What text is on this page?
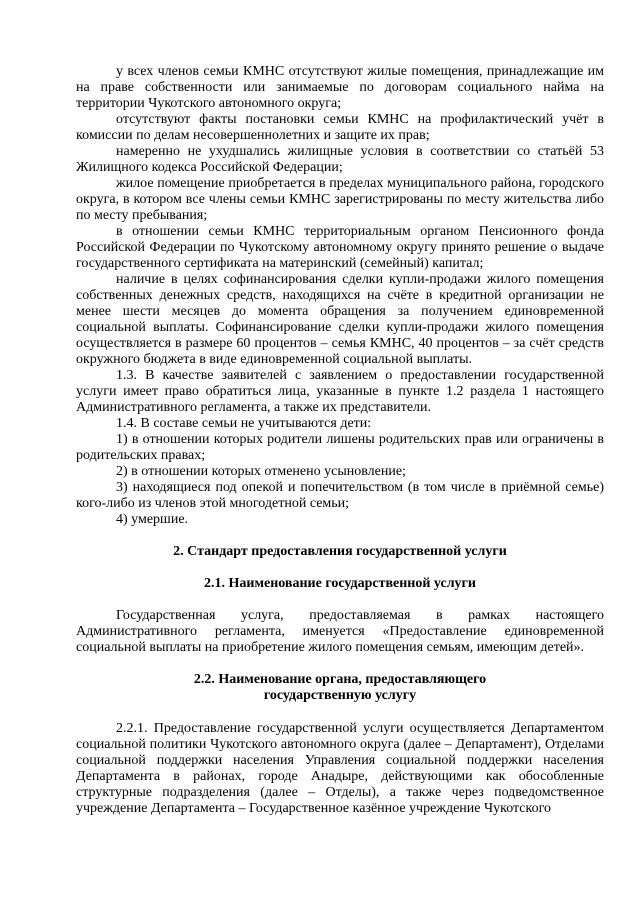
у всех членов семьи КМНС отсутствуют жилые помещения, принадлежащие им на праве собственности или занимаемые по договорам социального найма на территории Чукотского автономного округа;

отсутствуют факты постановки семьи КМНС на профилактический учёт в комиссии по делам несовершеннолетних и защите их прав;

намеренно не ухудшались жилищные условия в соответствии со статьёй 53 Жилищного кодекса Российской Федерации;

жилое помещение приобретается в пределах муниципального района, городского округа, в котором все члены семьи КМНС зарегистрированы по месту жительства либо по месту пребывания;

в отношении семьи КМНС территориальным органом Пенсионного фонда Российской Федерации по Чукотскому автономному округу принято решение о выдаче государственного сертификата на материнский (семейный) капитал;

наличие в целях софинансирования сделки купли-продажи жилого помещения собственных денежных средств, находящихся на счёте в кредитной организации не менее шести месяцев до момента обращения за получением единовременной социальной выплаты. Софинансирование сделки купли-продажи жилого помещения осуществляется в размере 60 процентов – семья КМНС, 40 процентов – за счёт средств окружного бюджета в виде единовременной социальной выплаты.

1.3. В качестве заявителей с заявлением о предоставлении государственной услуги имеет право обратиться лица, указанные в пункте 1.2 раздела 1 настоящего Административного регламента, а также их представители.

1.4. В составе семьи не учитываются дети:

1) в отношении которых родители лишены родительских прав или ограничены в родительских правах;

2) в отношении которых отменено усыновление;

3) находящиеся под опекой и попечительством (в том числе в приёмной семье) кого-либо из членов этой многодетной семьи;

4) умершие.

2. Стандарт предоставления государственной услуги

2.1. Наименование государственной услуги

Государственная услуга, предоставляемая в рамках настоящего Административного регламента, именуется «Предоставление единовременной социальной выплаты на приобретение жилого помещения семьям, имеющим детей».

2.2. Наименование органа, предоставляющего
государственную услугу

2.2.1. Предоставление государственной услуги осуществляется Департаментом социальной политики Чукотского автономного округа (далее – Департамент), Отделами социальной поддержки населения Управления социальной поддержки населения Департамента в районах, городе Анадыре, действующими как обособленные структурные подразделения (далее – Отделы), а также через подведомственное учреждение Департамента – Государственное казённое учреждение Чукотского
